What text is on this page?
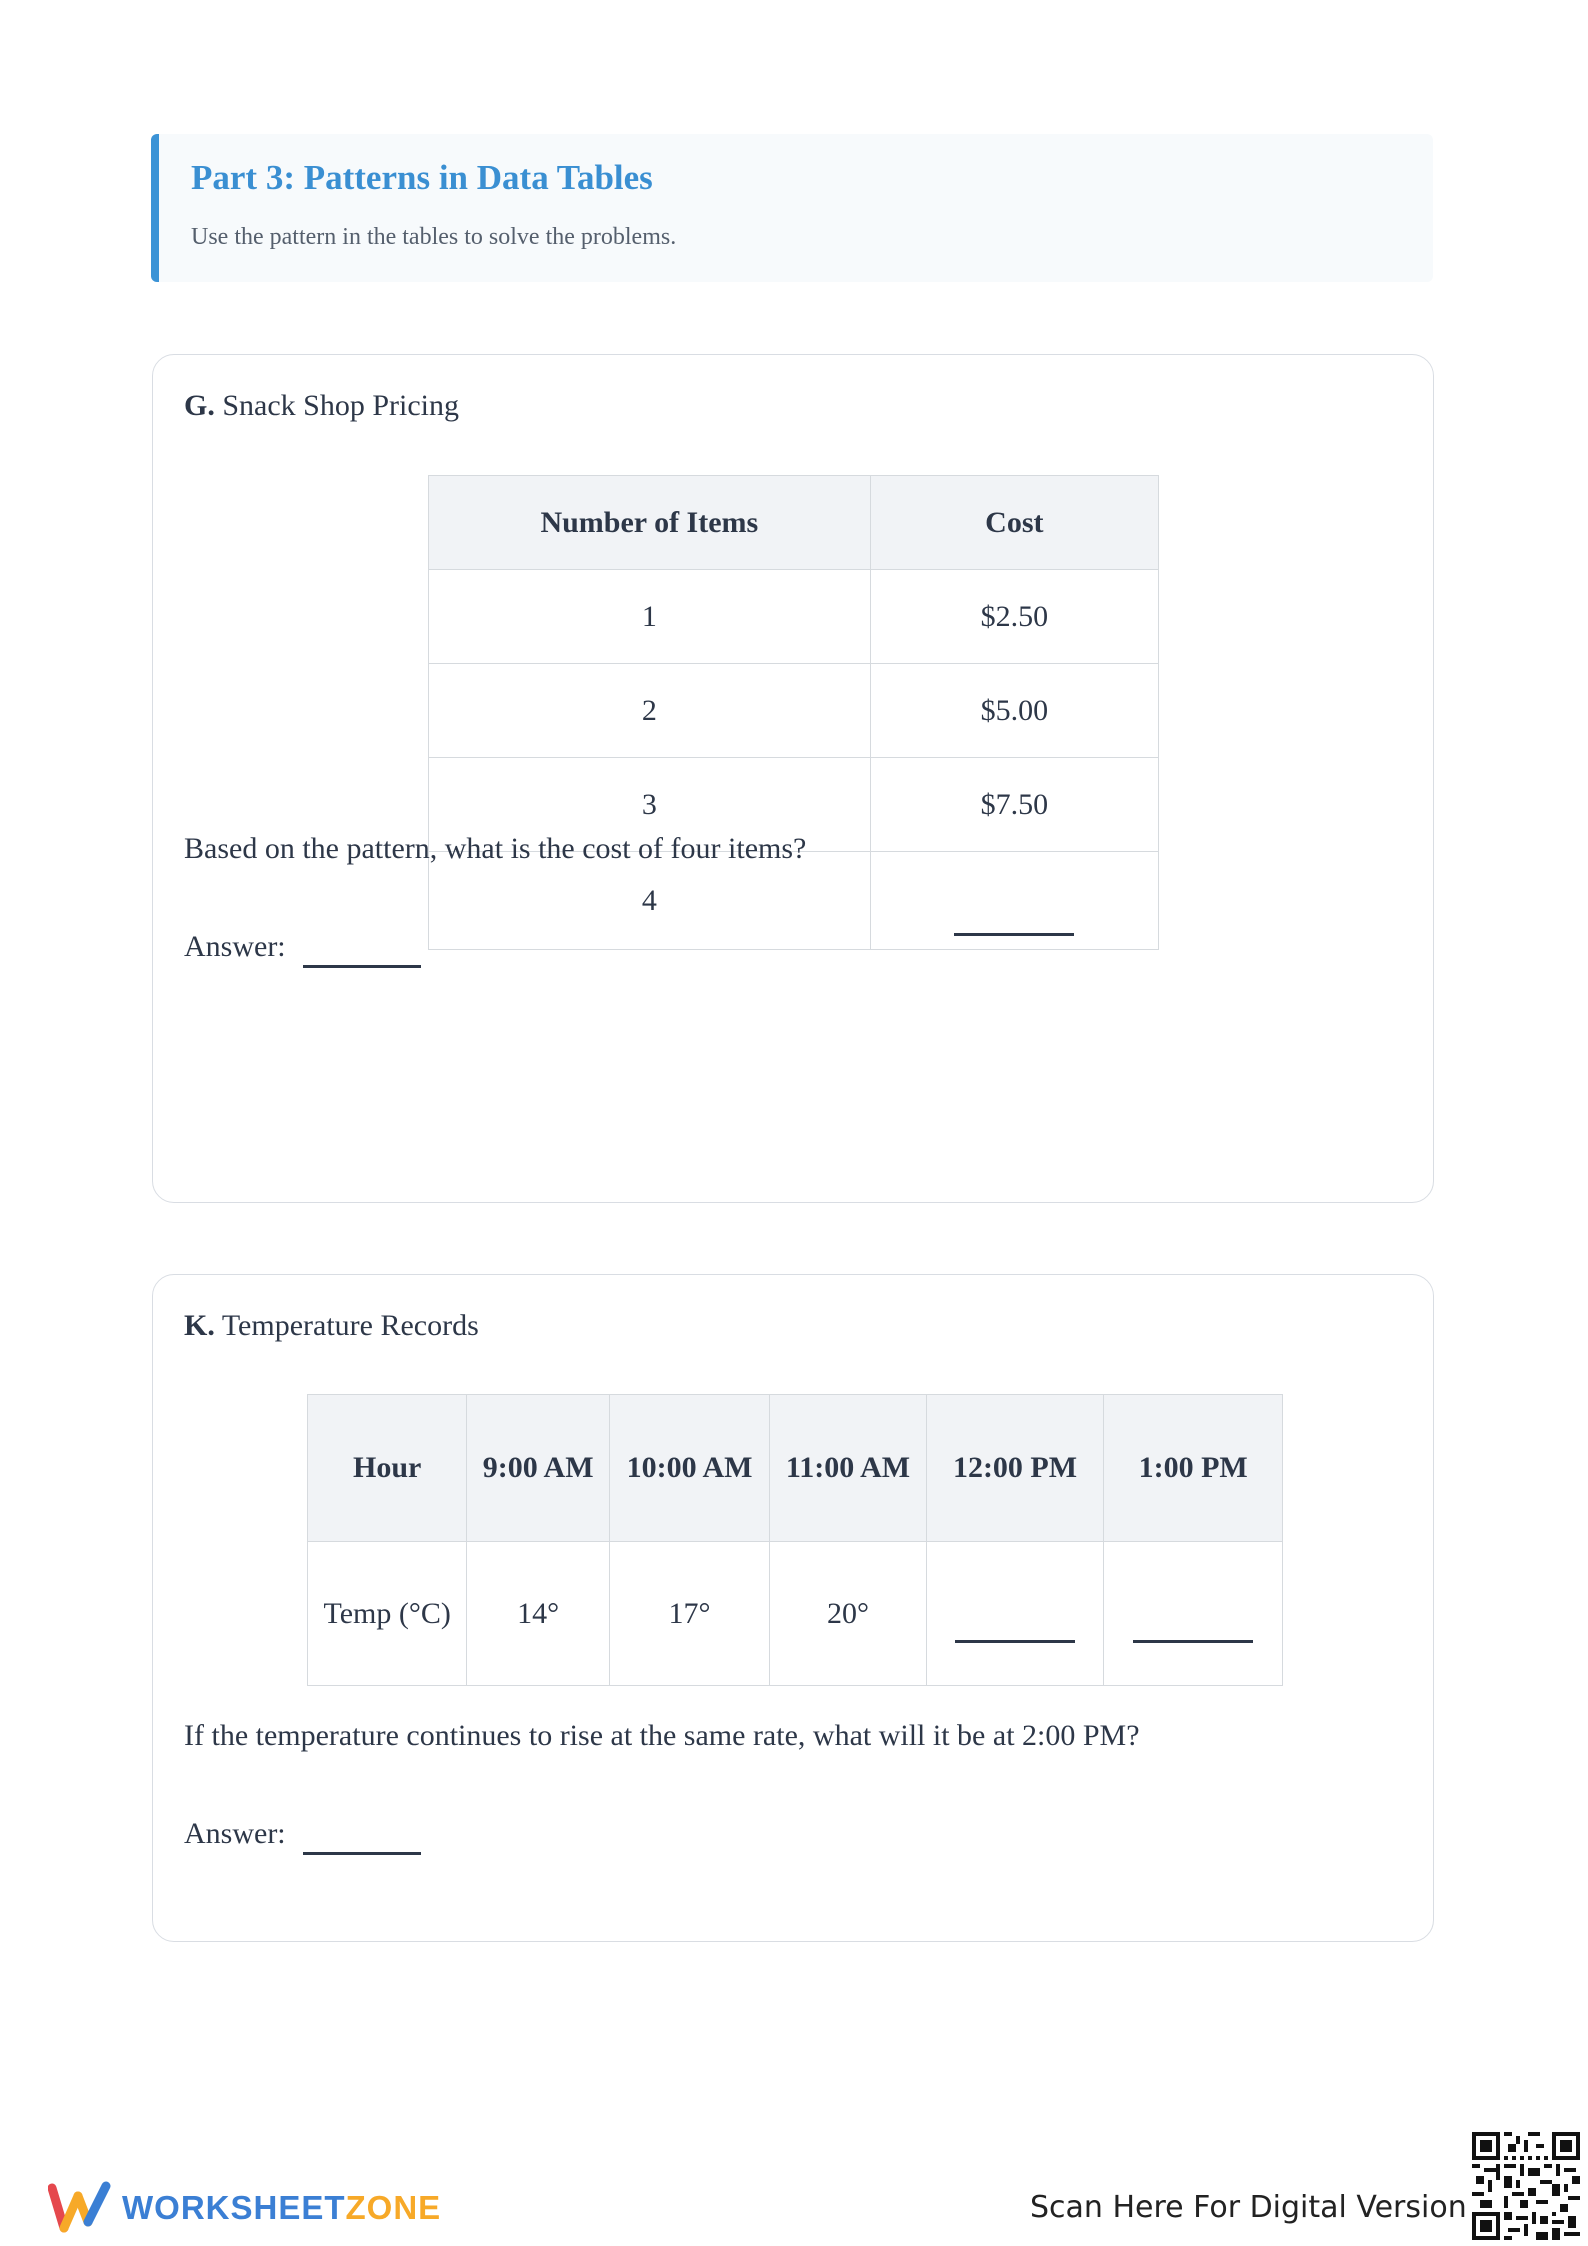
Part 3: Patterns in Data Tables
Use the pattern in the tables to solve the problems.
G. Snack Shop Pricing
Number of Items	Cost
1	$2.50
2	$5.00
3	$7.50
4	
Based on the pattern, what is the cost of four items?
Answer:
K. Temperature Records
Hour	9:00 AM	10:00 AM	11:00 AM	12:00 PM	1:00 PM
Temp (°C)	14°	17°	20°		
If the temperature continues to rise at the same rate, what will it be at 2:00 PM?
Answer:
WORKSHEETZONE	Scan Here For Digital Version
